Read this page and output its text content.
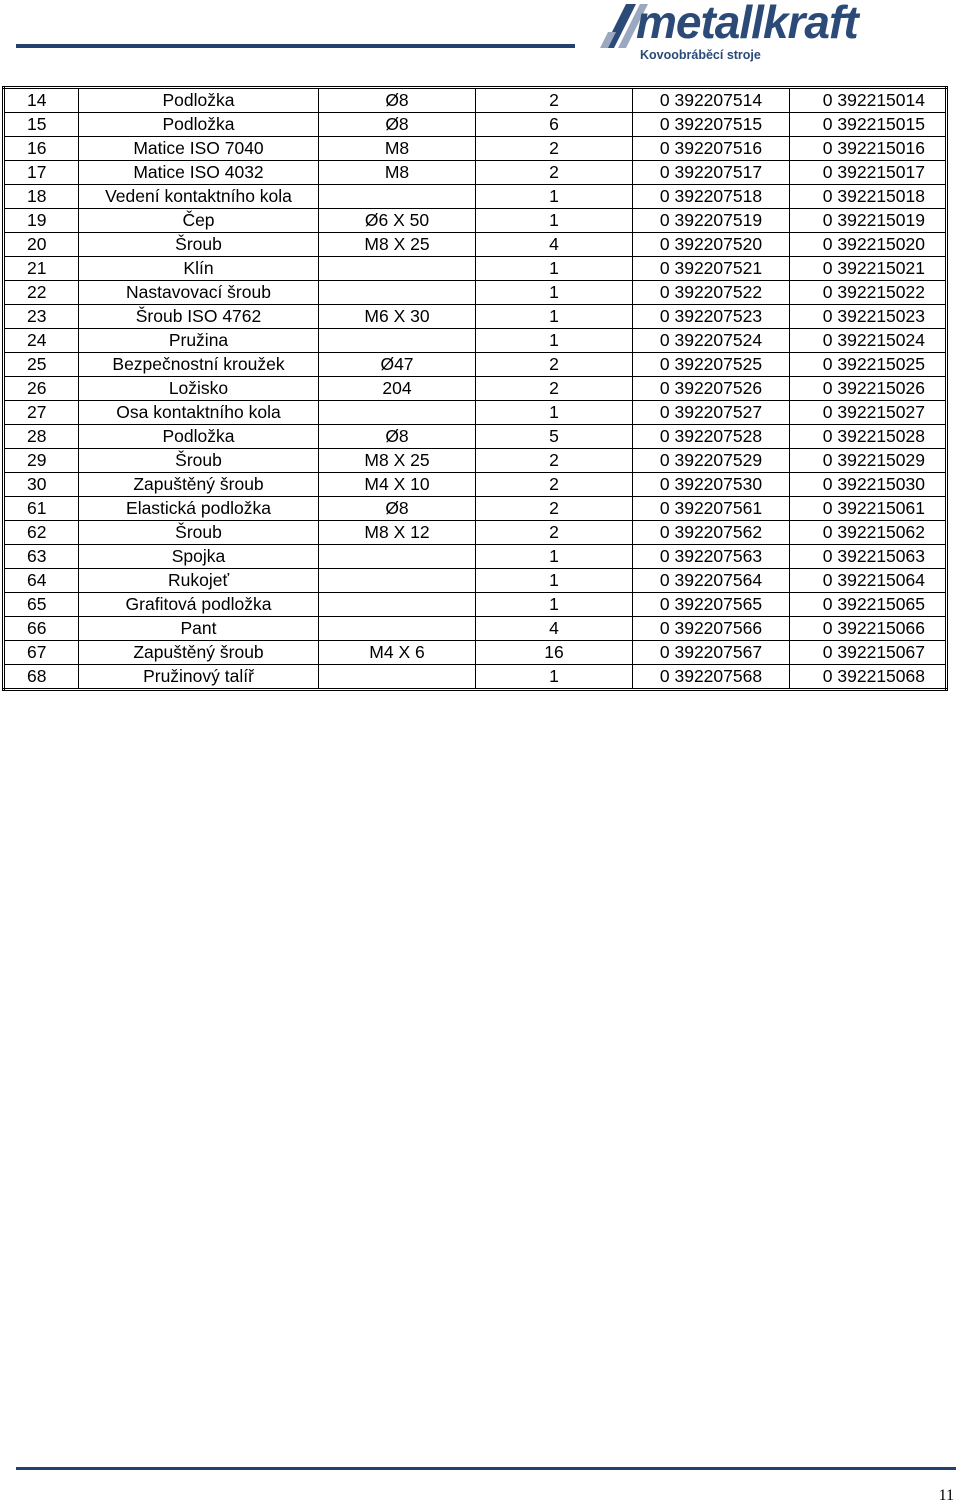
metallkraft
Kovoobráběcí stroje
14	Podložka	Ø8	2	0 392207514	0 392215014
15	Podložka	Ø8	6	0 392207515	0 392215015
16	Matice ISO 7040	M8	2	0 392207516	0 392215016
17	Matice ISO 4032	M8	2	0 392207517	0 392215017
18	Vedení kontaktního kola		1	0 392207518	0 392215018
19	Čep	Ø6 X 50	1	0 392207519	0 392215019
20	Šroub	M8 X 25	4	0 392207520	0 392215020
21	Klín		1	0 392207521	0 392215021
22	Nastavovací šroub		1	0 392207522	0 392215022
23	Šroub ISO 4762	M6 X 30	1	0 392207523	0 392215023
24	Pružina		1	0 392207524	0 392215024
25	Bezpečnostní kroužek	Ø47	2	0 392207525	0 392215025
26	Ložisko	204	2	0 392207526	0 392215026
27	Osa kontaktního kola		1	0 392207527	0 392215027
28	Podložka	Ø8	5	0 392207528	0 392215028
29	Šroub	M8 X 25	2	0 392207529	0 392215029
30	Zapuštěný šroub	M4 X 10	2	0 392207530	0 392215030
61	Elastická podložka	Ø8	2	0 392207561	0 392215061
62	Šroub	M8 X 12	2	0 392207562	0 392215062
63	Spojka		1	0 392207563	0 392215063
64	Rukojeť		1	0 392207564	0 392215064
65	Grafitová podložka		1	0 392207565	0 392215065
66	Pant		4	0 392207566	0 392215066
67	Zapuštěný šroub	M4 X 6	16	0 392207567	0 392215067
68	Pružinový talíř		1	0 392207568	0 392215068
11
